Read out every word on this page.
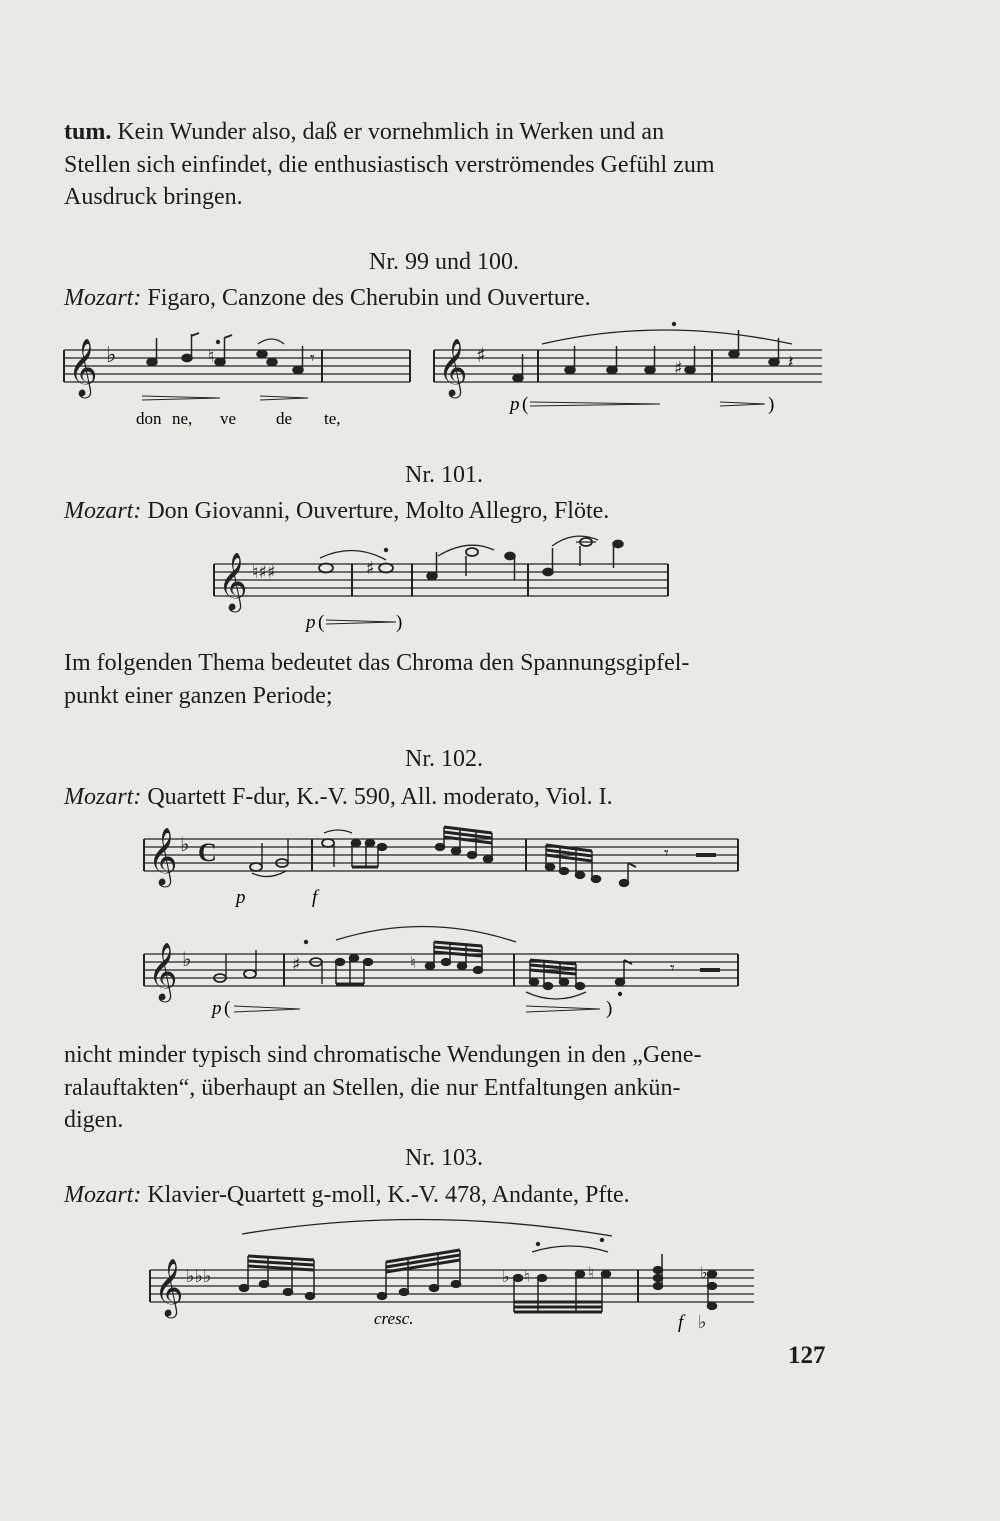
tum. Kein Wunder also, daß er vornehmlich in Werken und an

Stellen sich einfindet, die enthusiastisch verströmendes Gefühl zum

Ausdruck bringen.

Nr. 99 und 100.
Mozart: Figaro, Canzone des Cherubin und Ouverture.
𝄞 ♭	♮	𝄾
don ne, ve de te,
𝄞 ♯
♯	𝄽
p (	)
Nr. 101.
Mozart: Don Giovanni, Ouverture, Molto Allegro, Flöte.
𝄞 ♮♯♯	♯
p (	)

Im folgenden Thema bedeutet das Chroma den Spannungsgipfel-

punkt einer ganzen Periode;

Nr. 102.
Mozart: Quartett F-dur, K.-V. 590, All. moderato, Viol. I.
𝄞 ♭ C	𝄾
p	f
𝄞 ♭	♯	♮	𝄾
p (	)

nicht minder typisch sind chromatische Wendungen in den „Gene-

ralauftakten“, überhaupt an Stellen, die nur Entfaltungen ankün-

digen.

Nr. 103.
Mozart: Klavier-Quartett g-moll, K.-V. 478, Andante, Pfte.
𝄞 ♭♭♭	♭ ♮	♮	♭
♭
cresc.	f
127
